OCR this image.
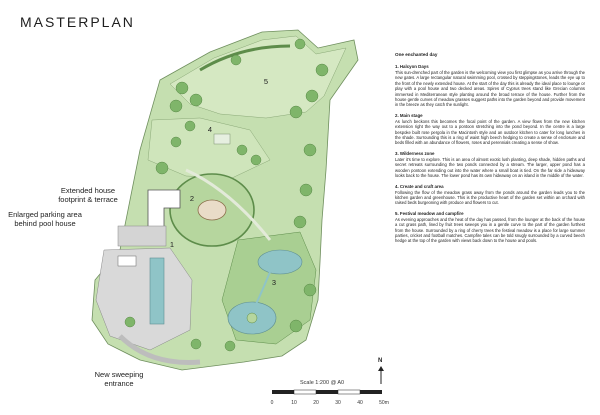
MASTERPLAN
5
4
2
1
3
Extended house footprint & terrace
Enlarged parking area behind pool house
New sweeping entrance
N
Scale 1:200 @ A0
0	10	20	30	40	50m
One enchanted day
1. Halcyon Days

This sun-drenched part of the garden is the welcoming view you first glimpse as you arrive through the new gates. A large rectangular natural swimming pool, crossed by steppingstones, leads the eye up to the front of the newly extended house. At the start of the day this is already the ideal place to lounge or play with a pool house and two decked areas. Spires of Cyprus trees stand like Grecian columns immersed in Mediterranean style planting around the broad terrace of the house. Further from the house gentle curves of meadow grasses suggest paths into the garden beyond and provide movement in the breeze as they catch the sunlight.

2. Main stage

As lunch beckons this becomes the focal point of the garden. A view flows from the new kitchen extension right the way out to a pontoon stretching into the pond beyond. In the centre is a large bespoke built rose pergola in the Macintosh style and an outdoor kitchen to cater for long lunches in the shade. Surrounding this is a ring of waist high beech hedging to create a sense of enclosure and beds filled with an abundance of flowers, roses and perennials creating a sense of show.

3. Wilderness zone

Later it's time to explore. This is an area of almost exotic lush planting, deep shade, hidden paths and secret retreats surrounding the two ponds connected by a stream. The larger, upper pond has a wooden pontoon extending out into the water where a small boat is tied. On the far side a hideaway looks back to the house. The lower pond has its own hideaway on an island in the middle of the water.

4. Create and craft area

Following the flow of the meadow grass away from the ponds around the garden leads you to the kitchen garden and greenhouse. This is the productive heart of the garden set within an orchard with raised beds burgeoning with produce and flowers to cut.

5. Festival meadow and campfire

As evening approaches and the heat of the day has passed, from the lounger at the back of the house a cut grass path, lined by fruit trees sweeps you in a gentle curve to the part of the garden furthest from the house. Surrounded by a ring of cherry trees the festival meadow is a place for large summer parties, cricket and football matches. Campfire tales can be told snugly surrounded by a curved beech hedge at the top of the garden with views back down to the house and pools.
